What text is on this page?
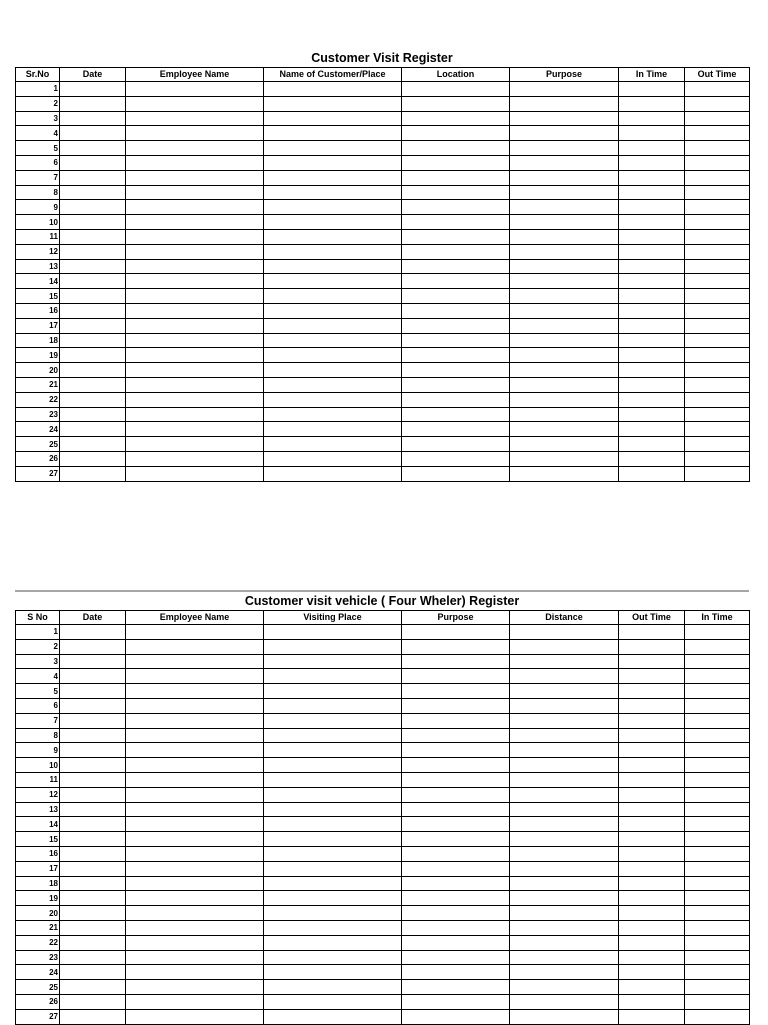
Customer Visit Register
Sr.No	Date	Employee Name	Name of Customer/Place	Location	Purpose	In Time	Out Time
1							
2							
3							
4							
5							
6							
7							
8							
9							
10							
11							
12							
13							
14							
15							
16							
17							
18							
19							
20							
21							
22							
23							
24							
25							
26							
27							
Customer visit vehicle ( Four Wheler) Register
S No	Date	Employee Name	Visiting Place	Purpose	Distance	Out Time	In Time
1							
2							
3							
4							
5							
6							
7							
8							
9							
10							
11							
12							
13							
14							
15							
16							
17							
18							
19							
20							
21							
22							
23							
24							
25							
26							
27							
